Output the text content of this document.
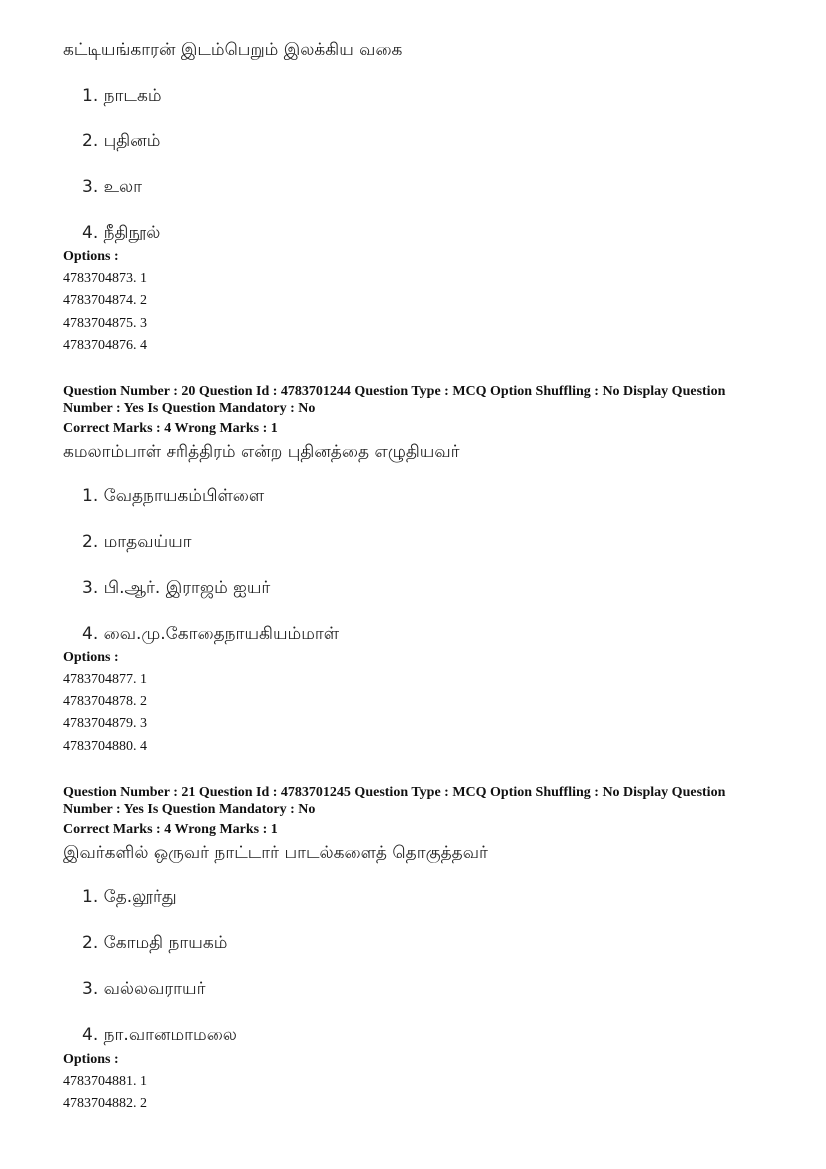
கட்டியங்காரன் இடம்பெறும் இலக்கிய வகை
1. நாடகம்
2. புதினம்
3. உலா
4. நீதிநூல்
Options :
4783704873. 1
4783704874. 2
4783704875. 3
4783704876. 4
Question Number : 20 Question Id : 4783701244 Question Type : MCQ Option Shuffling : No Display Question
Number : Yes Is Question Mandatory : No
Correct Marks : 4 Wrong Marks : 1
கமலாம்பாள் சரித்திரம் என்ற புதினத்தை எழுதியவர்
1. வேதநாயகம்பிள்ளை
2. மாதவய்யா
3. பி.ஆர். இராஜம் ஐயர்
4. வை.மு.கோதைநாயகியம்மாள்
Options :
4783704877. 1
4783704878. 2
4783704879. 3
4783704880. 4
Question Number : 21 Question Id : 4783701245 Question Type : MCQ Option Shuffling : No Display Question
Number : Yes Is Question Mandatory : No
Correct Marks : 4 Wrong Marks : 1
இவர்களில் ஒருவர் நாட்டார் பாடல்களைத் தொகுத்தவர்
1. தே.லூர்து
2. கோமதி நாயகம்
3. வல்லவராயர்
4. நா.வானமாமலை
Options :
4783704881. 1
4783704882. 2
